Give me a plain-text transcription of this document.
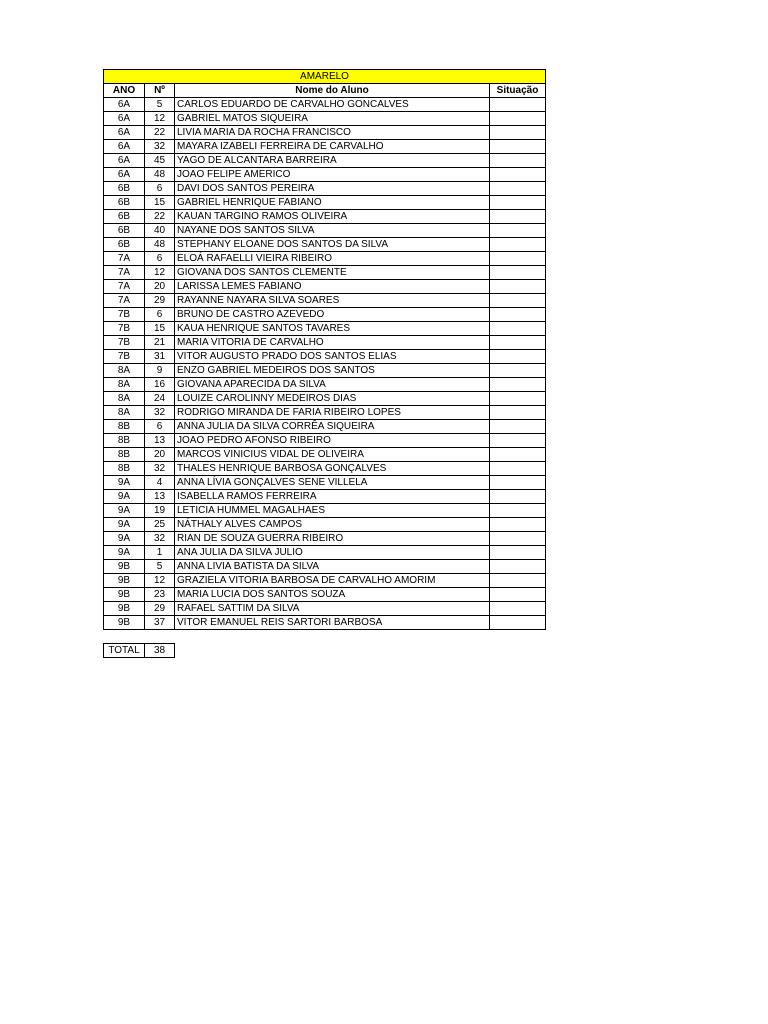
AMARELO			
ANO	Nº	Nome do Aluno	Situação
6A	5	CARLOS EDUARDO DE CARVALHO GONCALVES	
6A	12	GABRIEL MATOS SIQUEIRA	
6A	22	LIVIA MARIA DA ROCHA FRANCISCO	
6A	32	MAYARA IZABELI FERREIRA DE CARVALHO	
6A	45	YAGO DE ALCANTARA BARREIRA	
6A	48	JOAO FELIPE AMERICO	
6B	6	DAVI DOS SANTOS PEREIRA	
6B	15	GABRIEL HENRIQUE FABIANO	
6B	22	KAUAN TARGINO RAMOS OLIVEIRA	
6B	40	NAYANE DOS SANTOS SILVA	
6B	48	STEPHANY ELOANE DOS SANTOS DA SILVA	
7A	6	ELOÁ RAFAELLI VIEIRA RIBEIRO	
7A	12	GIOVANA DOS SANTOS CLEMENTE	
7A	20	LARISSA LEMES FABIANO	
7A	29	RAYANNE NAYARA SILVA SOARES	
7B	6	BRUNO DE CASTRO AZEVEDO	
7B	15	KAUA HENRIQUE SANTOS TAVARES	
7B	21	MARIA VITORIA DE CARVALHO	
7B	31	VITOR AUGUSTO PRADO DOS SANTOS ELIAS	
8A	9	ENZO GABRIEL MEDEIROS DOS SANTOS	
8A	16	GIOVANA APARECIDA DA SILVA	
8A	24	LOUIZE CAROLINNY MEDEIROS DIAS	
8A	32	RODRIGO MIRANDA DE FARIA RIBEIRO LOPES	
8B	6	ANNA JULIA DA SILVA CORRÊA SIQUEIRA	
8B	13	JOAO PEDRO AFONSO RIBEIRO	
8B	20	MARCOS VINICIUS VIDAL DE OLIVEIRA	
8B	32	THALES HENRIQUE BARBOSA GONÇALVES	
9A	4	ANNA LÍVIA GONÇALVES SENE VILLELA	
9A	13	ISABELLA RAMOS FERREIRA	
9A	19	LETICIA HUMMEL MAGALHAES	
9A	25	NÁTHALY ALVES CAMPOS	
9A	32	RIAN DE SOUZA GUERRA RIBEIRO	
9A	1	ANA JULIA DA SILVA JULIO	
9B	5	ANNA LIVIA BATISTA DA SILVA	
9B	12	GRAZIELA VITORIA BARBOSA DE CARVALHO AMORIM	
9B	23	MARIA LUCIA DOS SANTOS SOUZA	
9B	29	RAFAEL SATTIM DA SILVA	
9B	37	VITOR EMANUEL REIS SARTORI BARBOSA	
TOTAL	38
